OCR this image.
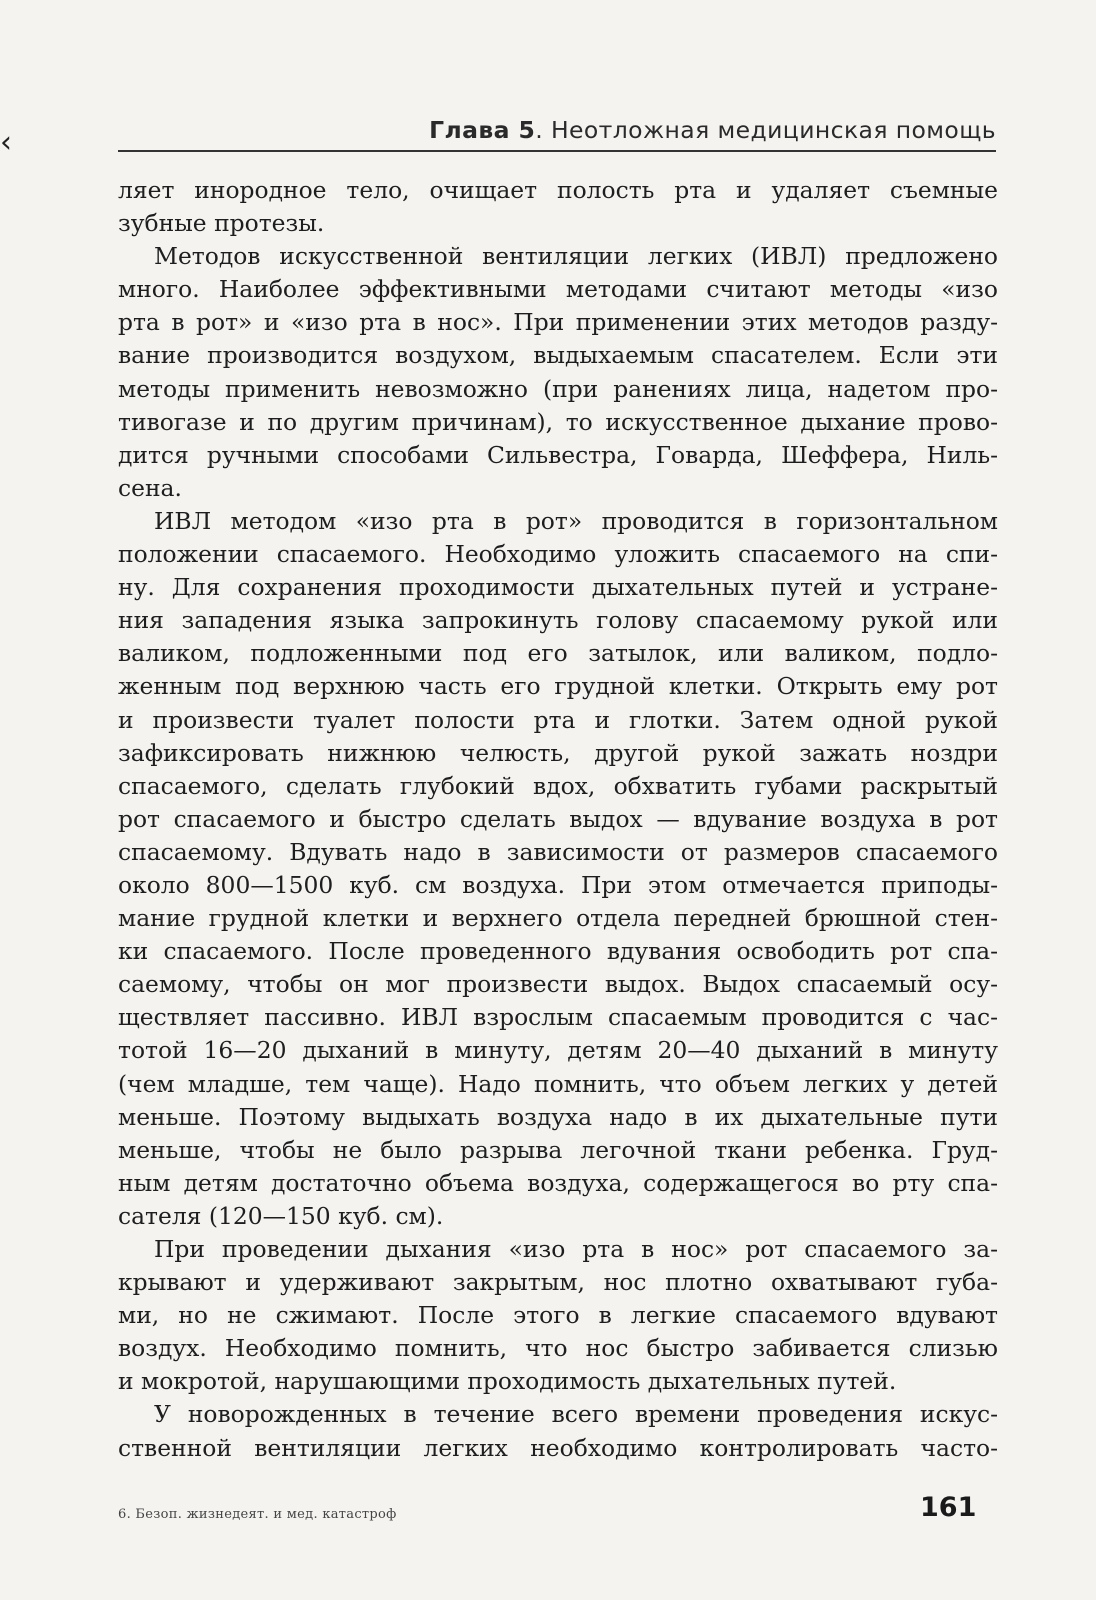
‹	Глава 5. Неотложная медицинская помощь
ляет инородное тело, очищает полость рта и удаляет съемные
зубные протезы.
Методов искусственной вентиляции легких (ИВЛ) предложено
много. Наиболее эффективными методами считают методы «изо
рта в рот» и «изо рта в нос». При применении этих методов разду-
вание производится воздухом, выдыхаемым спасателем. Если эти
методы применить невозможно (при ранениях лица, надетом про-
тивогазе и по другим причинам), то искусственное дыхание прово-
дится ручными способами Сильвестра, Говарда, Шеффера, Ниль-
сена.
ИВЛ методом «изо рта в рот» проводится в горизонтальном
положении спасаемого. Необходимо уложить спасаемого на спи-
ну. Для сохранения проходимости дыхательных путей и устране-
ния западения языка запрокинуть голову спасаемому рукой или
валиком, подложенными под его затылок, или валиком, подло-
женным под верхнюю часть его грудной клетки. Открыть ему рот
и произвести туалет полости рта и глотки. Затем одной рукой
зафиксировать нижнюю челюсть, другой рукой зажать ноздри
спасаемого, сделать глубокий вдох, обхватить губами раскрытый
рот спасаемого и быстро сделать выдох — вдувание воздуха в рот
спасаемому. Вдувать надо в зависимости от размеров спасаемого
около 800—1500 куб. см воздуха. При этом отмечается приподы-
мание грудной клетки и верхнего отдела передней брюшной стен-
ки спасаемого. После проведенного вдувания освободить рот спа-
саемому, чтобы он мог произвести выдох. Выдох спасаемый осу-
ществляет пассивно. ИВЛ взрослым спасаемым проводится с час-
тотой 16—20 дыханий в минуту, детям 20—40 дыханий в минуту
(чем младше, тем чаще). Надо помнить, что объем легких у детей
меньше. Поэтому выдыхать воздуха надо в их дыхательные пути
меньше, чтобы не было разрыва легочной ткани ребенка. Груд-
ным детям достаточно объема воздуха, содержащегося во рту спа-
сателя (120—150 куб. см).
При проведении дыхания «изо рта в нос» рот спасаемого за-
крывают и удерживают закрытым, нос плотно охватывают губа-
ми, но не сжимают. После этого в легкие спасаемого вдувают
воздух. Необходимо помнить, что нос быстро забивается слизью
и мокротой, нарушающими проходимость дыхательных путей.
У новорожденных в течение всего времени проведения искус-
ственной вентиляции легких необходимо контролировать часто-
6. Безоп. жизнедеят. и мед. катастроф	161
